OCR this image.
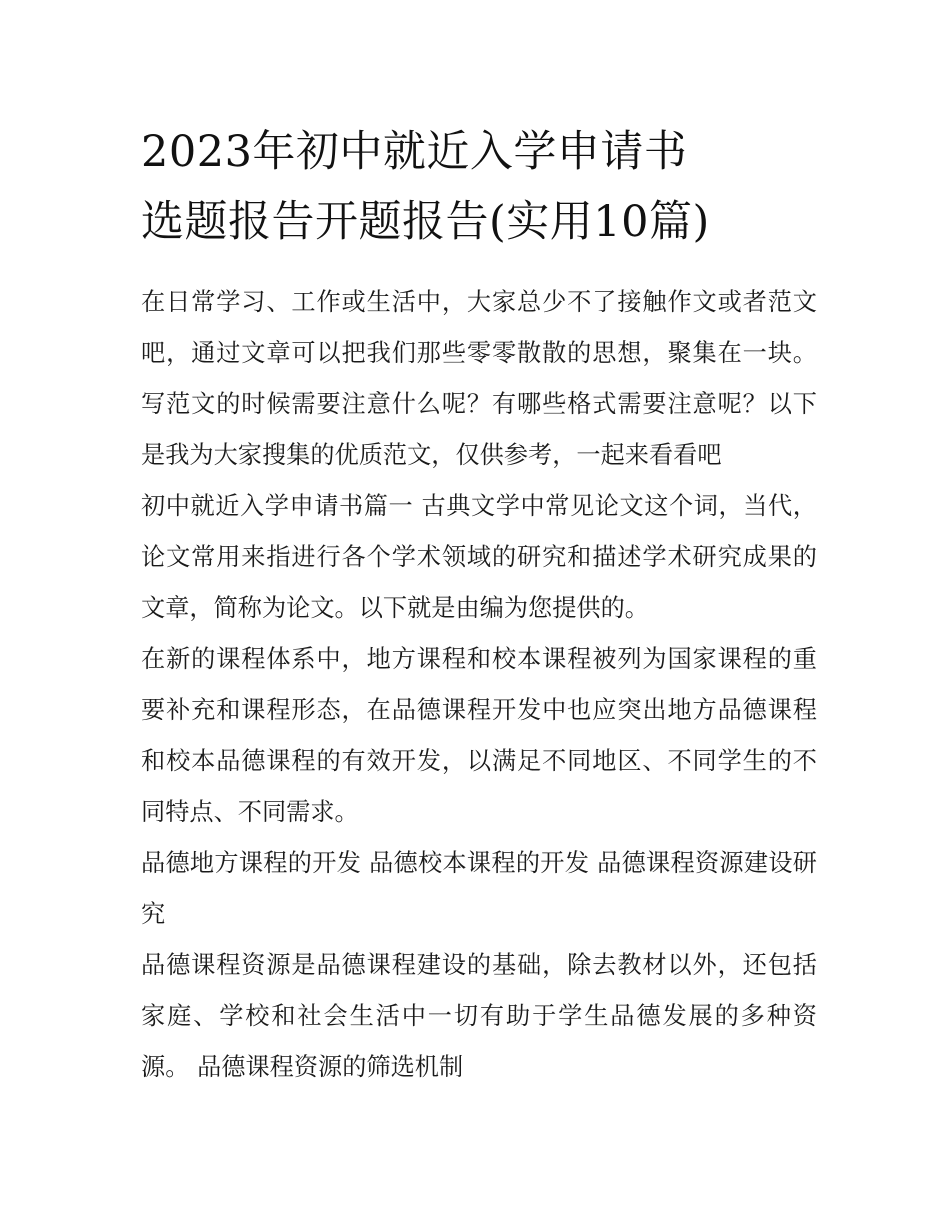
2023年初中就近入学申请书
选题报告开题报告(实用10篇)

在日常学习、工作或生活中，大家总少不了接触作文或者范文吧，通过文章可以把我们那些零零散散的思想，聚集在一块。写范文的时候需要注意什么呢？有哪些格式需要注意呢？以下是我为大家搜集的优质范文，仅供参考，一起来看看吧

初中就近入学申请书篇一 古典文学中常见论文这个词，当代，论文常用来指进行各个学术领域的研究和描述学术研究成果的文章，简称为论文。以下就是由编为您提供的。

在新的课程体系中，地方课程和校本课程被列为国家课程的重要补充和课程形态，在品德课程开发中也应突出地方品德课程和校本品德课程的有效开发，以满足不同地区、不同学生的不同特点、不同需求。

品德地方课程的开发 品德校本课程的开发 品德课程资源建设研究

品德课程资源是品德课程建设的基础，除去教材以外，还包括家庭、学校和社会生活中一切有助于学生品德发展的多种资源。 品德课程资源的筛选机制
